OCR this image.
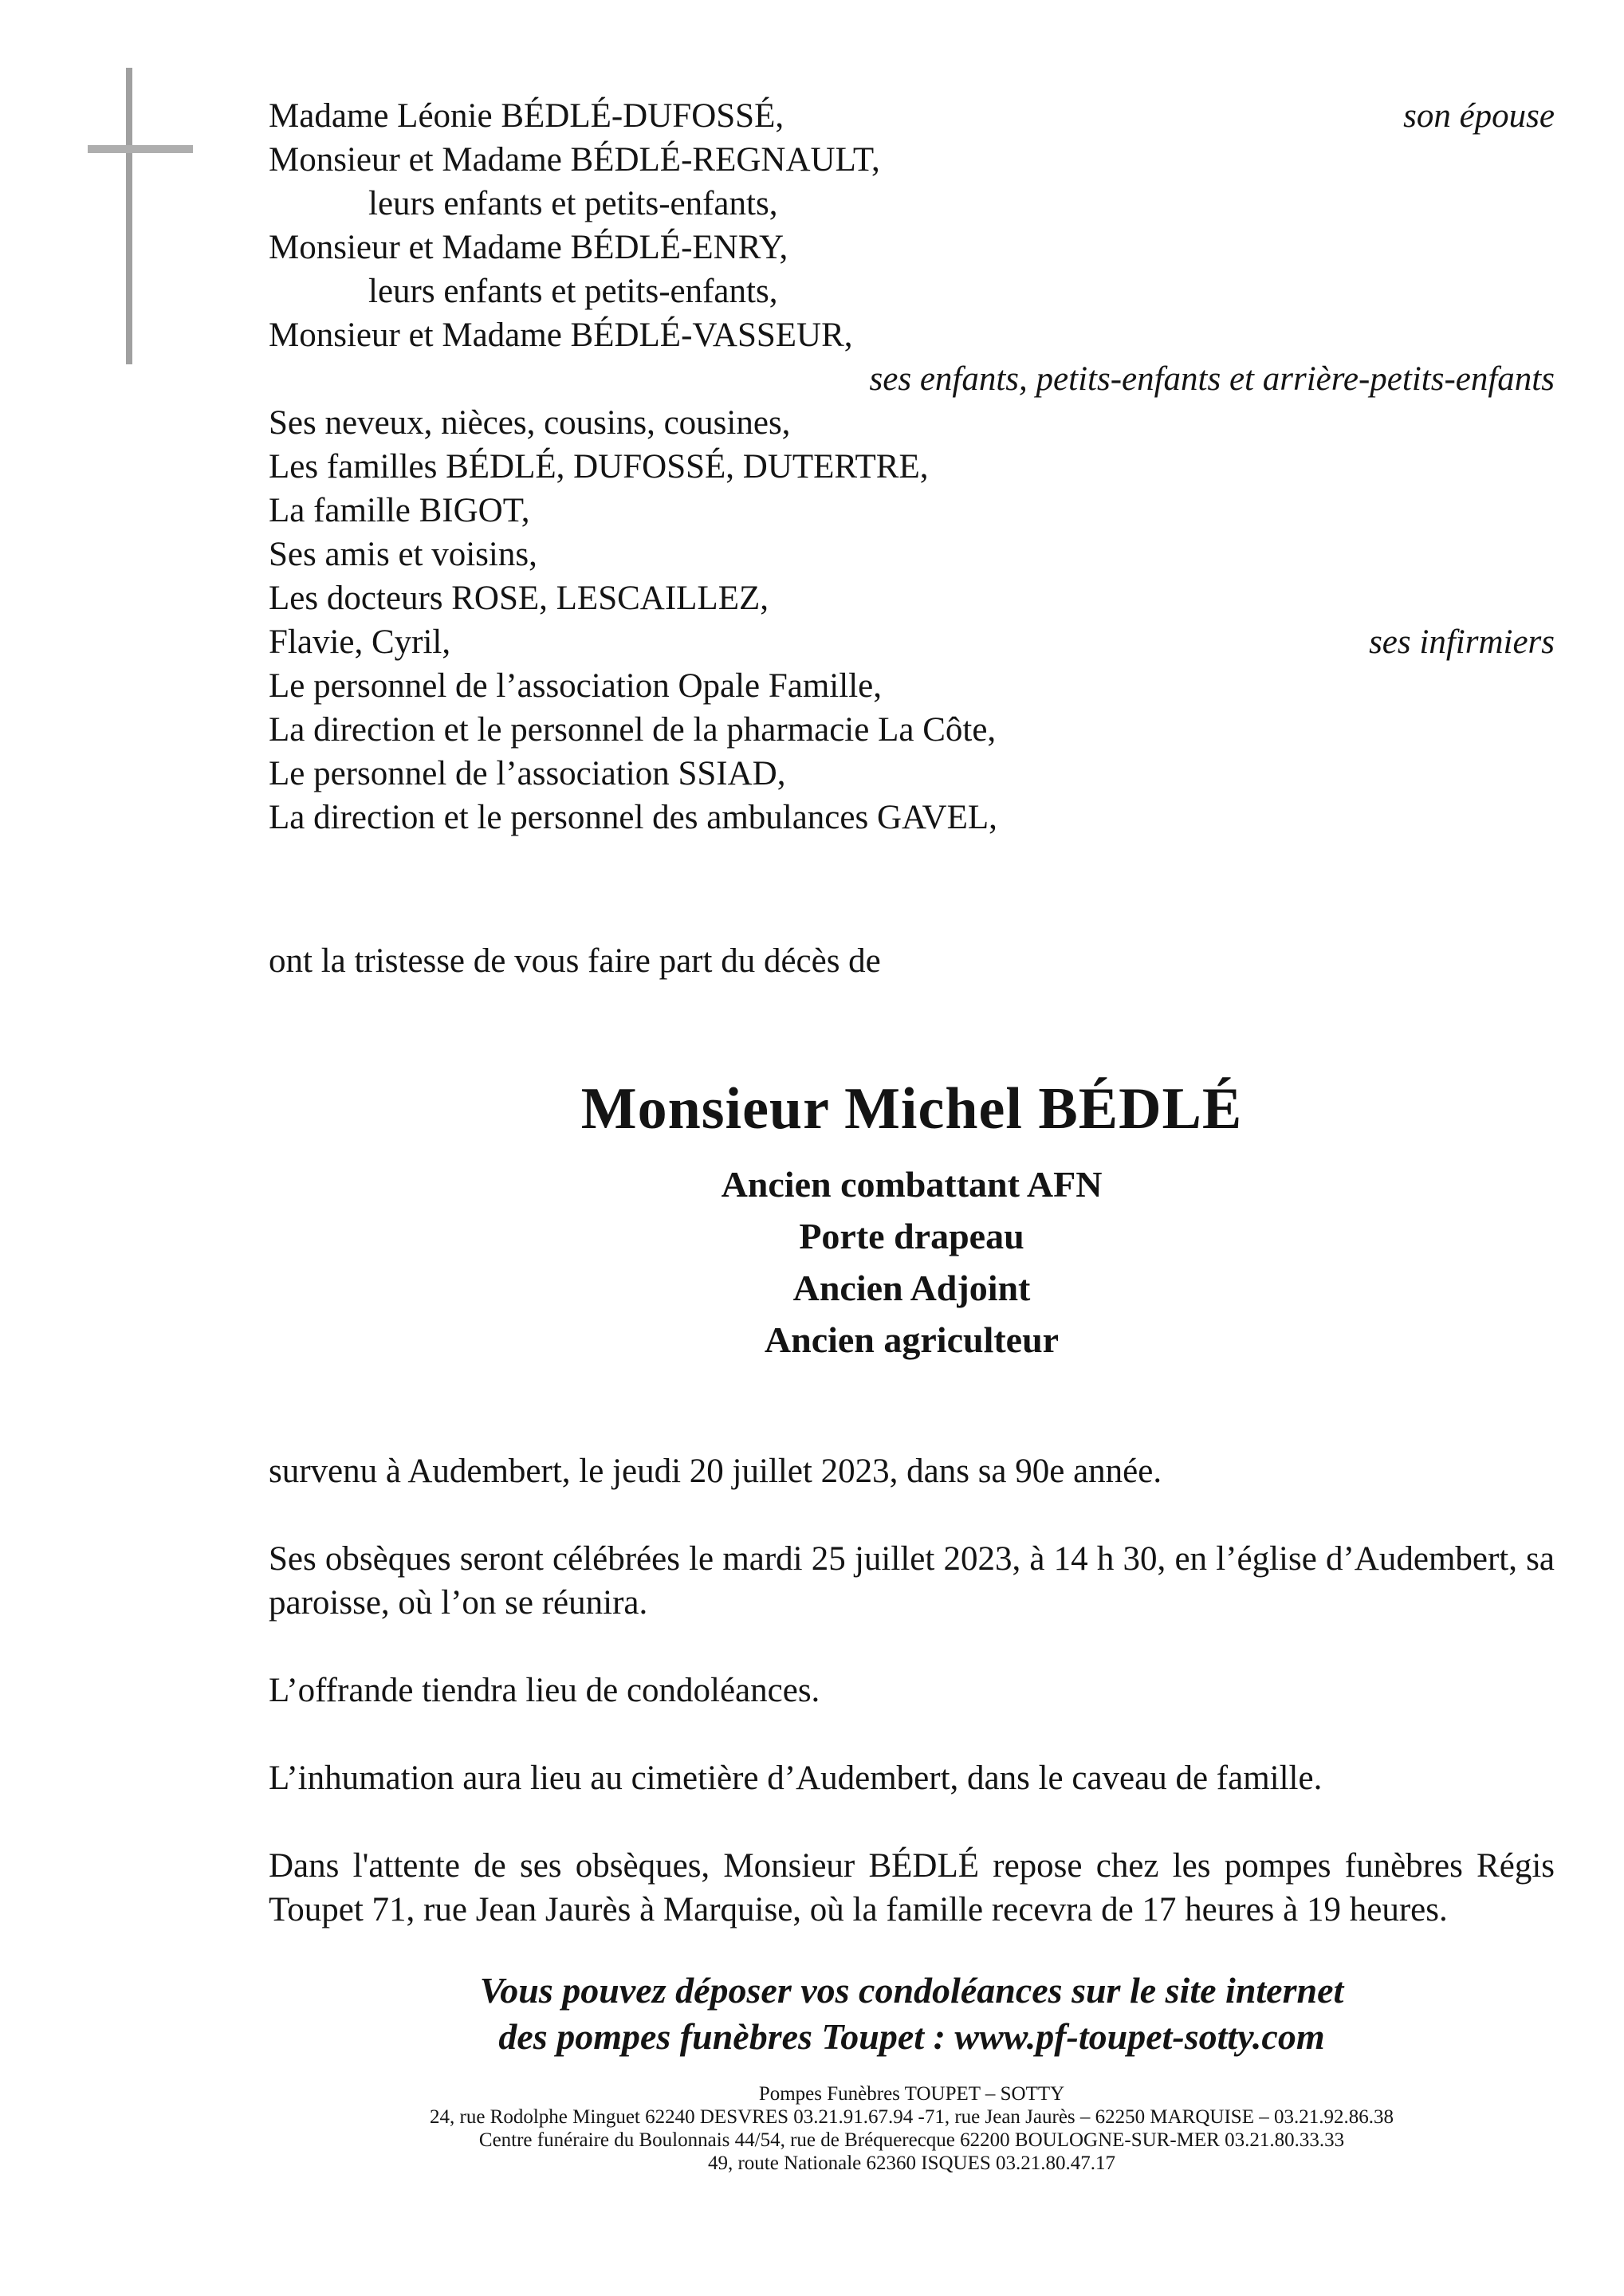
Madame Léonie BÉDLÉ-DUFOSSÉ,	son épouse
Monsieur et Madame BÉDLÉ-REGNAULT,
leurs enfants et petits-enfants,
Monsieur et Madame BÉDLÉ-ENRY,
leurs enfants et petits-enfants,
Monsieur et Madame BÉDLÉ-VASSEUR,
ses enfants, petits-enfants et arrière-petits-enfants
Ses neveux, nièces, cousins, cousines,
Les familles BÉDLÉ, DUFOSSÉ, DUTERTRE,
La famille BIGOT,
Ses amis et voisins,
Les docteurs ROSE, LESCAILLEZ,
Flavie, Cyril,	ses infirmiers
Le personnel de l’association Opale Famille,
La direction et le personnel de la pharmacie La Côte,
Le personnel de l’association SSIAD,
La direction et le personnel des ambulances GAVEL,
ont la tristesse de vous faire part du décès de
Monsieur Michel BÉDLÉ
Ancien combattant AFN
Porte drapeau
Ancien Adjoint
Ancien agriculteur
survenu à Audembert, le jeudi 20 juillet 2023, dans sa 90e année.
Ses obsèques seront célébrées le mardi 25 juillet 2023, à 14 h 30, en l’église d’Audembert, sa paroisse, où l’on se réunira.
L’offrande tiendra lieu de condoléances.
L’inhumation aura lieu au cimetière d’Audembert, dans le caveau de famille.
Dans l'attente de ses obsèques, Monsieur BÉDLÉ repose chez les pompes funèbres Régis Toupet 71, rue Jean Jaurès à Marquise, où la famille recevra de 17 heures à 19 heures.
Vous pouvez déposer vos condoléances sur le site internet
des pompes funèbres Toupet : www.pf-toupet-sotty.com
Pompes Funèbres TOUPET – SOTTY
24, rue Rodolphe Minguet 62240 DESVRES 03.21.91.67.94 -71, rue Jean Jaurès – 62250 MARQUISE – 03.21.92.86.38
Centre funéraire du Boulonnais 44/54, rue de Bréquerecque 62200 BOULOGNE-SUR-MER 03.21.80.33.33
49, route Nationale 62360 ISQUES 03.21.80.47.17
